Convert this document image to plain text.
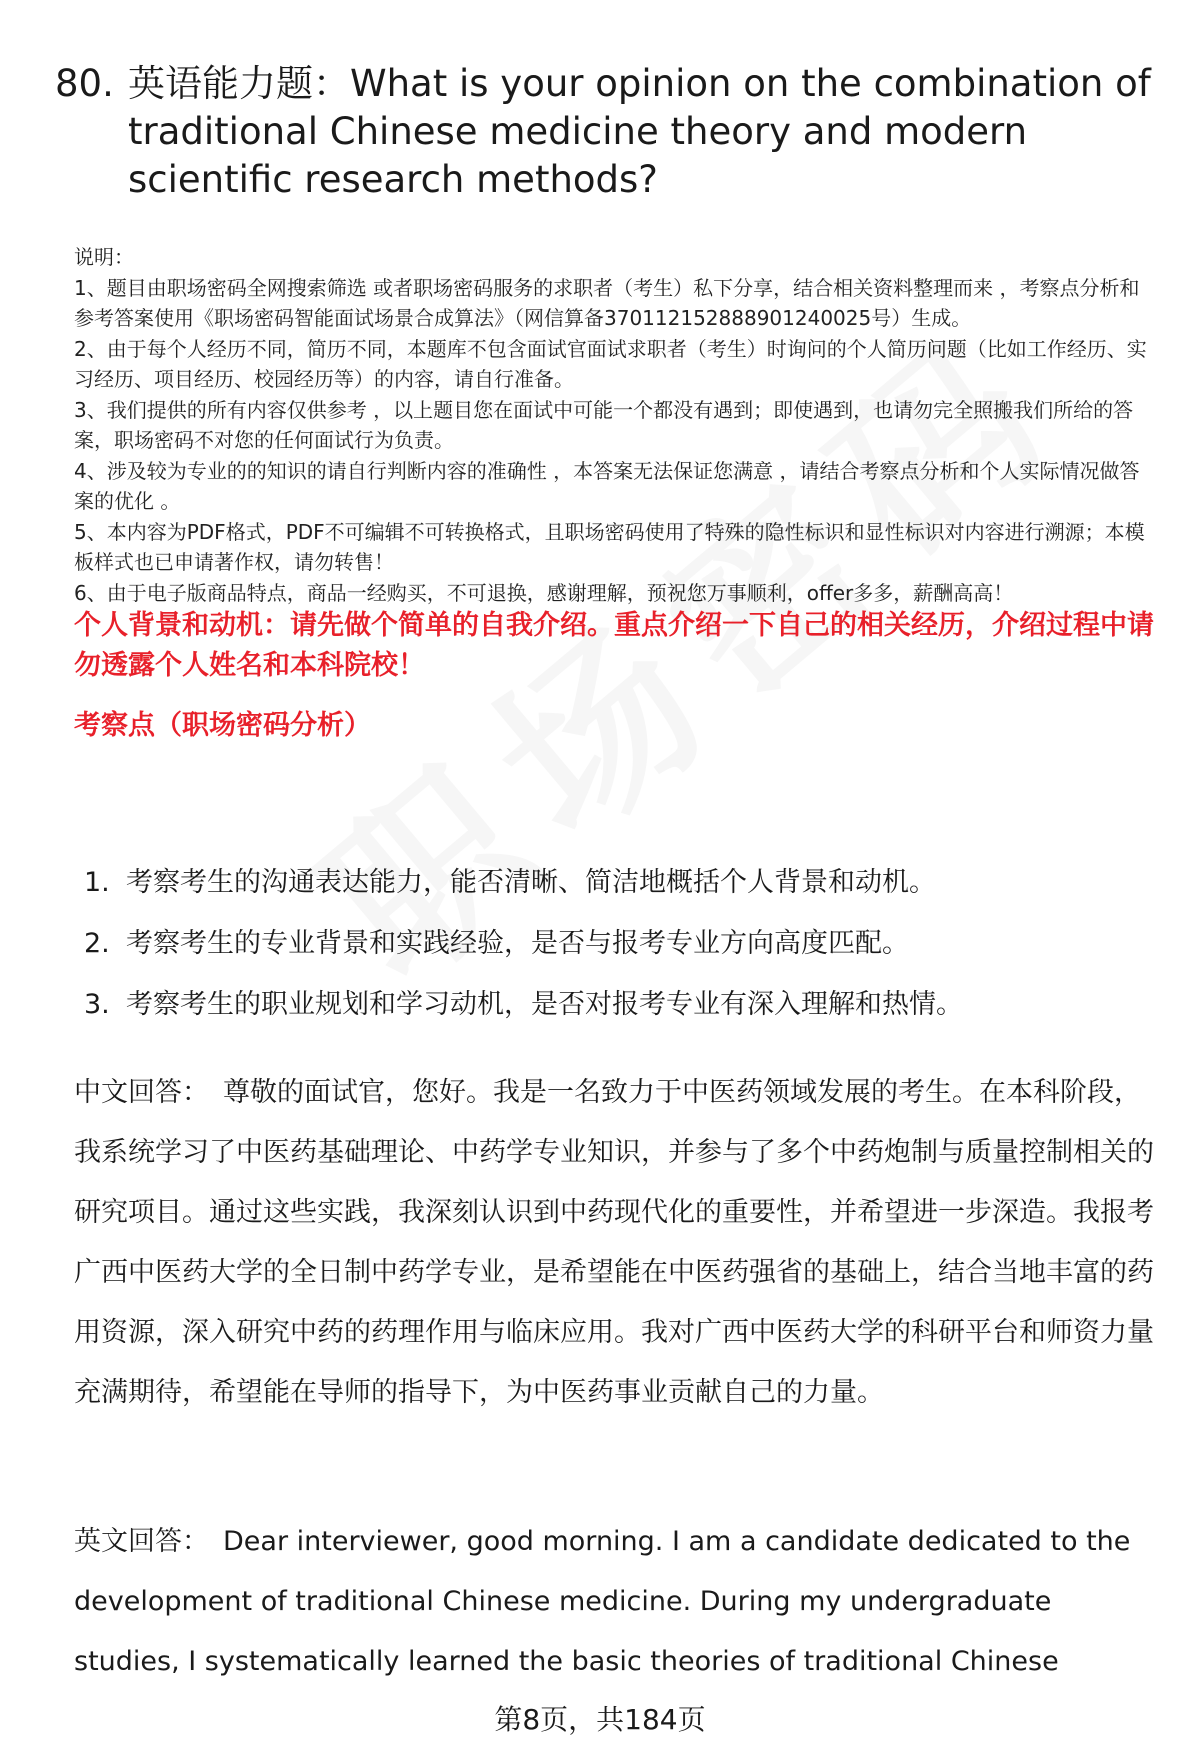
80. 英语能力题：What is your opinion on the combination of traditional Chinese medicine theory and modern scientific research methods?

说明：

1、题目由职场密码全网搜索筛选 或者职场密码服务的求职者（考生）私下分享，结合相关资料整理而来 ，考察点分析和参考答案使用《职场密码智能面试场景合成算法》（网信算备370112152888901240025号）生成。

2、由于每个人经历不同，简历不同，本题库不包含面试官面试求职者（考生）时询问的个人简历问题（比如工作经历、实习经历、项目经历、校园经历等）的内容，请自行准备。

3、我们提供的所有内容仅供参考 ，以上题目您在面试中可能一个都没有遇到；即使遇到，也请勿完全照搬我们所给的答案，职场密码不对您的任何面试行为负责。

4、涉及较为专业的的知识的请自行判断内容的准确性 ，本答案无法保证您满意 ，请结合考察点分析和个人实际情况做答案的优化 。

5、本内容为PDF格式，PDF不可编辑不可转换格式，且职场密码使用了特殊的隐性标识和显性标识对内容进行溯源；本模板样式也已申请著作权，请勿转售！

6、由于电子版商品特点，商品一经购买，不可退换，感谢理解，预祝您万事顺利，offer多多，薪酬高高！

个人背景和动机：请先做个简单的自我介绍。重点介绍一下自己的相关经历，介绍过程中请勿透露个人姓名和本科院校！
考察点（职场密码分析）
1. 考察考生的沟通表达能力，能否清晰、简洁地概括个人背景和动机。
2. 考察考生的专业背景和实践经验，是否与报考专业方向高度匹配。
3. 考察考生的职业规划和学习动机，是否对报考专业有深入理解和热情。

中文回答： 尊敬的面试官，您好。我是一名致力于中医药领域发展的考生。在本科阶段，我系统学习了中医药基础理论、中药学专业知识，并参与了多个中药炮制与质量控制相关的研究项目。通过这些实践，我深刻认识到中药现代化的重要性，并希望进一步深造。我报考广西中医药大学的全日制中药学专业，是希望能在中医药强省的基础上，结合当地丰富的药用资源，深入研究中药的药理作用与临床应用。我对广西中医药大学的科研平台和师资力量充满期待，希望能在导师的指导下，为中医药事业贡献自己的力量。

英文回答： Dear interviewer, good morning. I am a candidate dedicated to the development of traditional Chinese medicine. During my undergraduate studies, I systematically learned the basic theories of traditional Chinese

第8页，共184页
